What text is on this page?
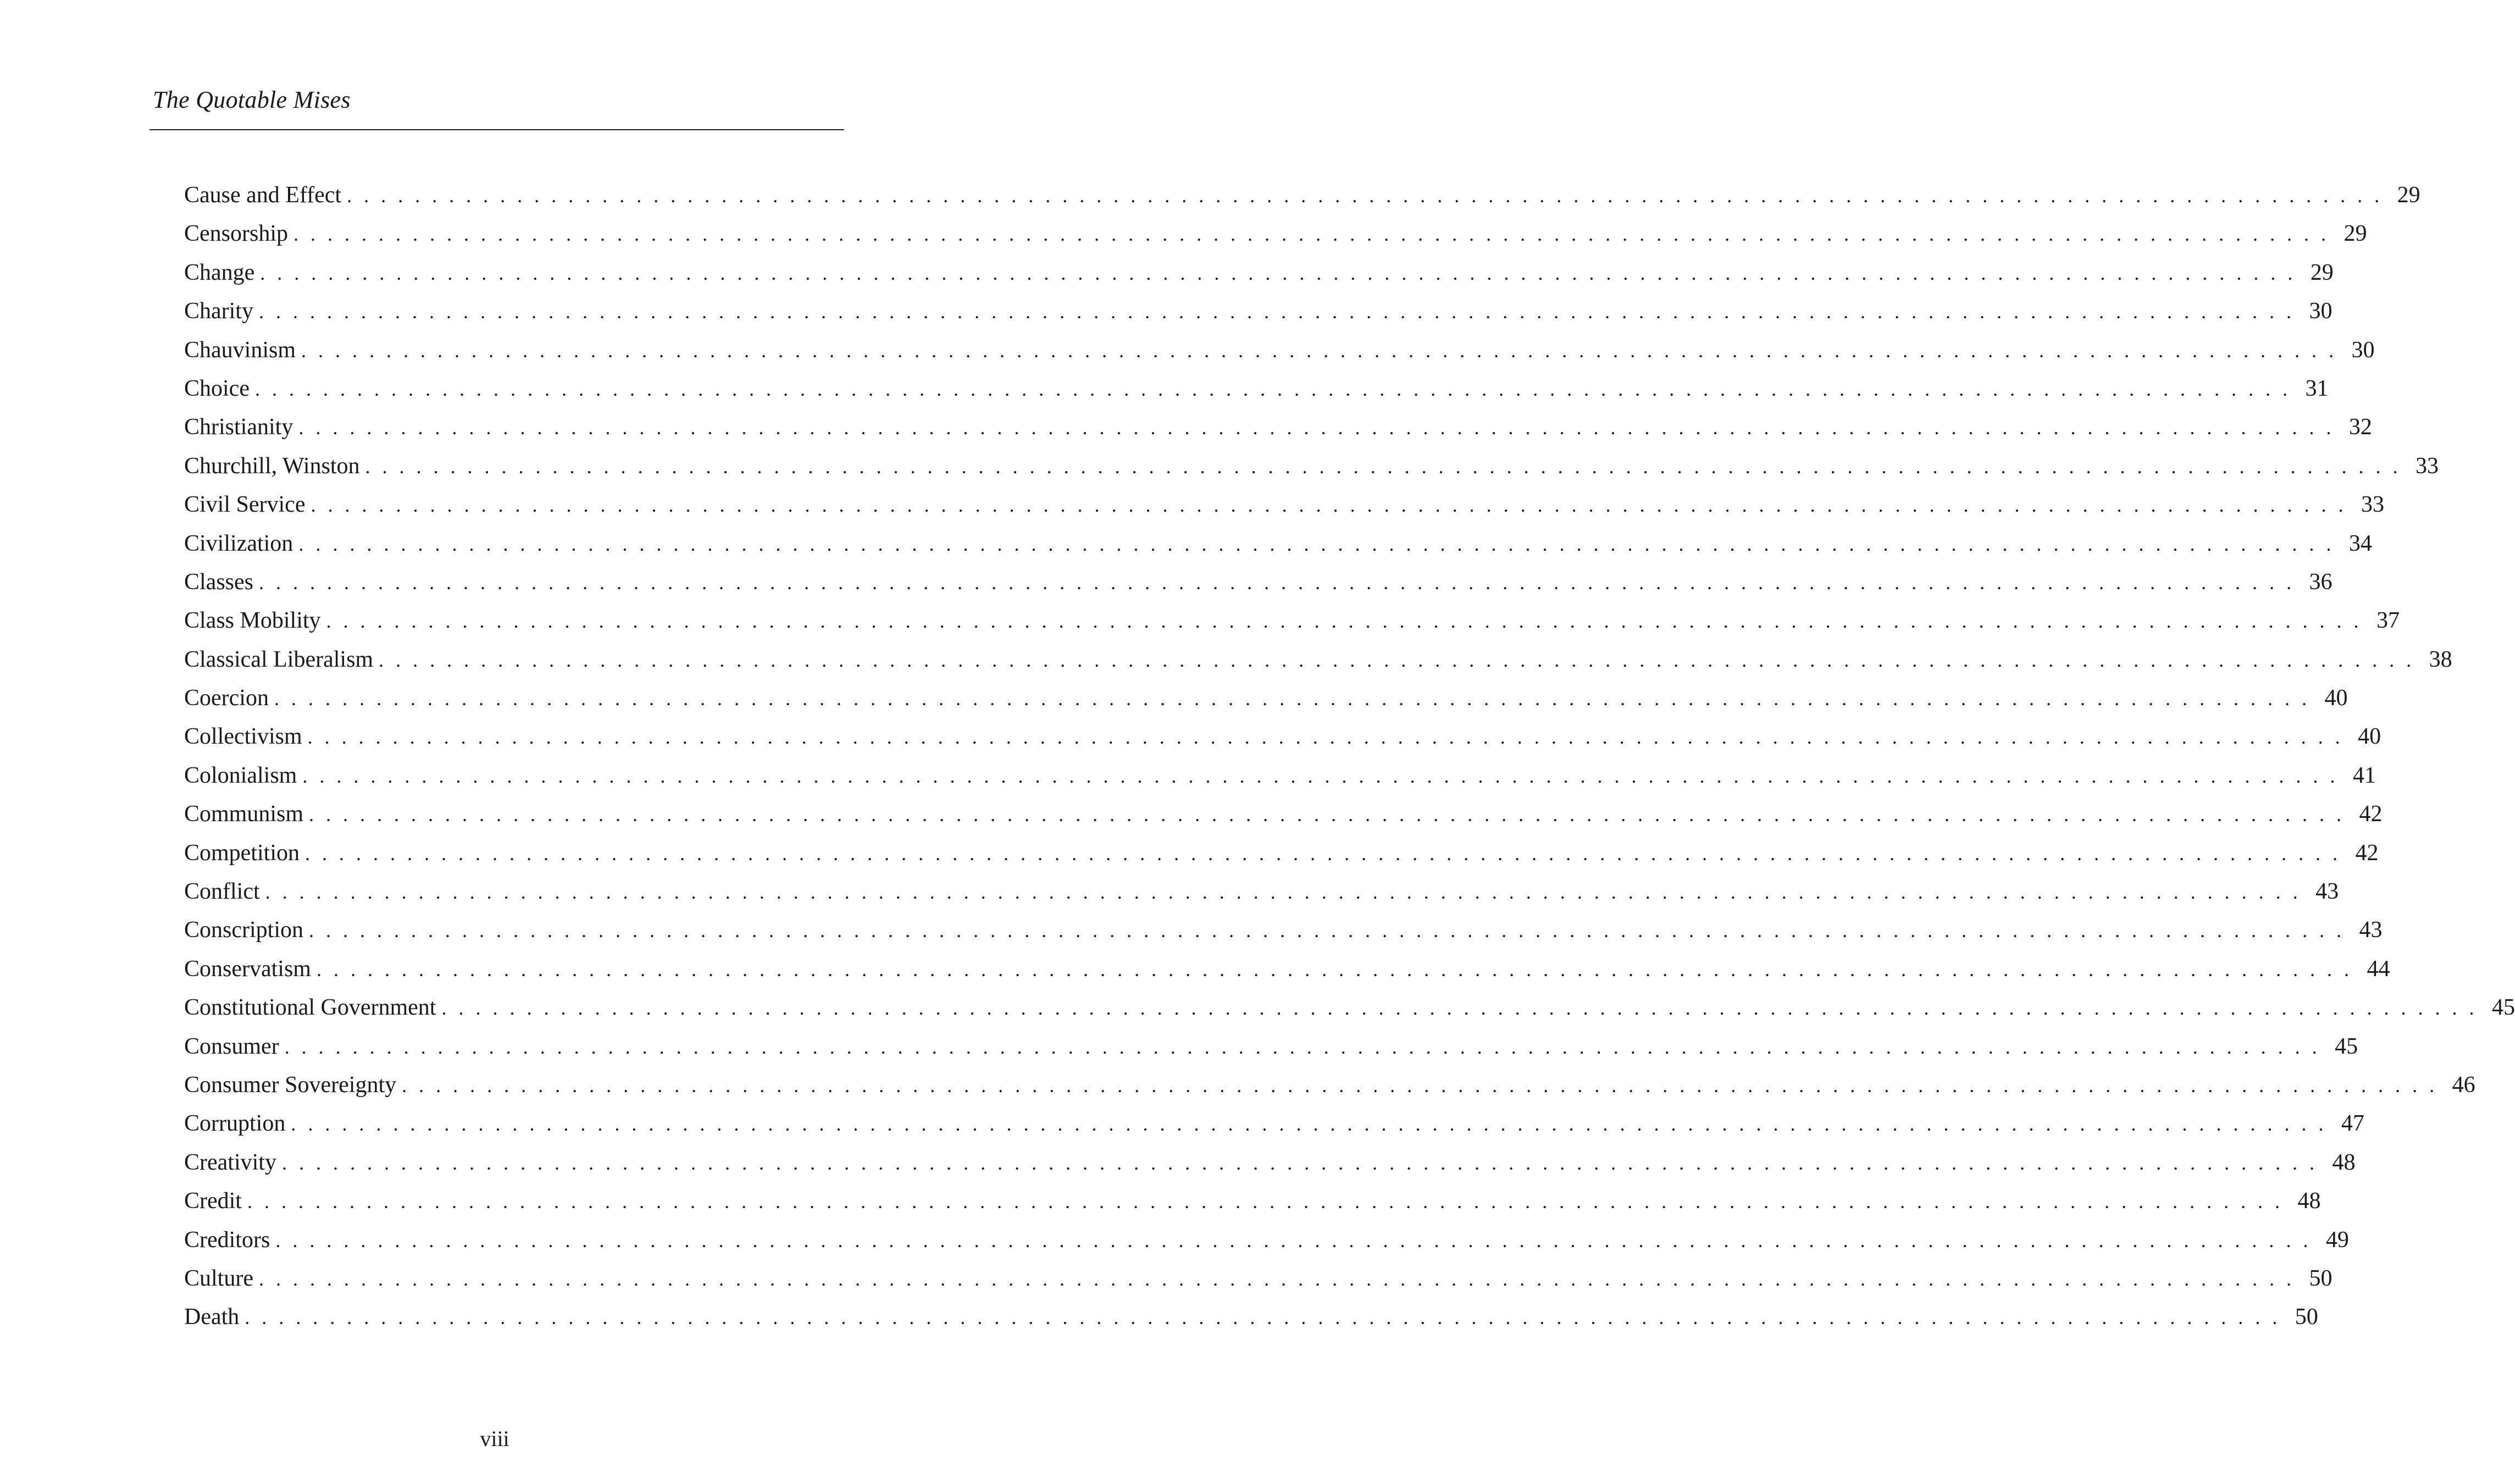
The Quotable Mises
Cause and Effect . . . . . . . . . . . . . . . . . . . . . . . . . . . . . . . . . . . . . . . . . . . . . . . . . . . . . . . . . . . . . . . . . . . . . . . . . . . . . . . . . . . . . . . . . . . . . . . . . . . . . . . . . . . . . . . . . . . . . . . . 29
Censorship . . . . . . . . . . . . . . . . . . . . . . . . . . . . . . . . . . . . . . . . . . . . . . . . . . . . . . . . . . . . . . . . . . . . . . . . . . . . . . . . . . . . . . . . . . . . . . . . . . . . . . . . . . . . . . . . . . . . . . . . 29
Change . . . . . . . . . . . . . . . . . . . . . . . . . . . . . . . . . . . . . . . . . . . . . . . . . . . . . . . . . . . . . . . . . . . . . . . . . . . . . . . . . . . . . . . . . . . . . . . . . . . . . . . . . . . . . . . . . . . . . . . . 29
Charity . . . . . . . . . . . . . . . . . . . . . . . . . . . . . . . . . . . . . . . . . . . . . . . . . . . . . . . . . . . . . . . . . . . . . . . . . . . . . . . . . . . . . . . . . . . . . . . . . . . . . . . . . . . . . . . . . . . . . . . . 30
Chauvinism . . . . . . . . . . . . . . . . . . . . . . . . . . . . . . . . . . . . . . . . . . . . . . . . . . . . . . . . . . . . . . . . . . . . . . . . . . . . . . . . . . . . . . . . . . . . . . . . . . . . . . . . . . . . . . . . . . . . . . . . 30
Choice . . . . . . . . . . . . . . . . . . . . . . . . . . . . . . . . . . . . . . . . . . . . . . . . . . . . . . . . . . . . . . . . . . . . . . . . . . . . . . . . . . . . . . . . . . . . . . . . . . . . . . . . . . . . . . . . . . . . . . . . 31
Christianity . . . . . . . . . . . . . . . . . . . . . . . . . . . . . . . . . . . . . . . . . . . . . . . . . . . . . . . . . . . . . . . . . . . . . . . . . . . . . . . . . . . . . . . . . . . . . . . . . . . . . . . . . . . . . . . . . . . . . . . . 32
Churchill, Winston . . . . . . . . . . . . . . . . . . . . . . . . . . . . . . . . . . . . . . . . . . . . . . . . . . . . . . . . . . . . . . . . . . . . . . . . . . . . . . . . . . . . . . . . . . . . . . . . . . . . . . . . . . . . . . . . . . . . . . . . 33
Civil Service . . . . . . . . . . . . . . . . . . . . . . . . . . . . . . . . . . . . . . . . . . . . . . . . . . . . . . . . . . . . . . . . . . . . . . . . . . . . . . . . . . . . . . . . . . . . . . . . . . . . . . . . . . . . . . . . . . . . . . . . 33
Civilization . . . . . . . . . . . . . . . . . . . . . . . . . . . . . . . . . . . . . . . . . . . . . . . . . . . . . . . . . . . . . . . . . . . . . . . . . . . . . . . . . . . . . . . . . . . . . . . . . . . . . . . . . . . . . . . . . . . . . . . . 34
Classes . . . . . . . . . . . . . . . . . . . . . . . . . . . . . . . . . . . . . . . . . . . . . . . . . . . . . . . . . . . . . . . . . . . . . . . . . . . . . . . . . . . . . . . . . . . . . . . . . . . . . . . . . . . . . . . . . . . . . . . . 36
Class Mobility . . . . . . . . . . . . . . . . . . . . . . . . . . . . . . . . . . . . . . . . . . . . . . . . . . . . . . . . . . . . . . . . . . . . . . . . . . . . . . . . . . . . . . . . . . . . . . . . . . . . . . . . . . . . . . . . . . . . . . . . 37
Classical Liberalism . . . . . . . . . . . . . . . . . . . . . . . . . . . . . . . . . . . . . . . . . . . . . . . . . . . . . . . . . . . . . . . . . . . . . . . . . . . . . . . . . . . . . . . . . . . . . . . . . . . . . . . . . . . . . . . . . . . . . . . . 38
Coercion . . . . . . . . . . . . . . . . . . . . . . . . . . . . . . . . . . . . . . . . . . . . . . . . . . . . . . . . . . . . . . . . . . . . . . . . . . . . . . . . . . . . . . . . . . . . . . . . . . . . . . . . . . . . . . . . . . . . . . . . 40
Collectivism . . . . . . . . . . . . . . . . . . . . . . . . . . . . . . . . . . . . . . . . . . . . . . . . . . . . . . . . . . . . . . . . . . . . . . . . . . . . . . . . . . . . . . . . . . . . . . . . . . . . . . . . . . . . . . . . . . . . . . . . 40
Colonialism . . . . . . . . . . . . . . . . . . . . . . . . . . . . . . . . . . . . . . . . . . . . . . . . . . . . . . . . . . . . . . . . . . . . . . . . . . . . . . . . . . . . . . . . . . . . . . . . . . . . . . . . . . . . . . . . . . . . . . . . 41
Communism . . . . . . . . . . . . . . . . . . . . . . . . . . . . . . . . . . . . . . . . . . . . . . . . . . . . . . . . . . . . . . . . . . . . . . . . . . . . . . . . . . . . . . . . . . . . . . . . . . . . . . . . . . . . . . . . . . . . . . . . 42
Competition . . . . . . . . . . . . . . . . . . . . . . . . . . . . . . . . . . . . . . . . . . . . . . . . . . . . . . . . . . . . . . . . . . . . . . . . . . . . . . . . . . . . . . . . . . . . . . . . . . . . . . . . . . . . . . . . . . . . . . . . 42
Conflict . . . . . . . . . . . . . . . . . . . . . . . . . . . . . . . . . . . . . . . . . . . . . . . . . . . . . . . . . . . . . . . . . . . . . . . . . . . . . . . . . . . . . . . . . . . . . . . . . . . . . . . . . . . . . . . . . . . . . . . . 43
Conscription . . . . . . . . . . . . . . . . . . . . . . . . . . . . . . . . . . . . . . . . . . . . . . . . . . . . . . . . . . . . . . . . . . . . . . . . . . . . . . . . . . . . . . . . . . . . . . . . . . . . . . . . . . . . . . . . . . . . . . . . 43
Conservatism . . . . . . . . . . . . . . . . . . . . . . . . . . . . . . . . . . . . . . . . . . . . . . . . . . . . . . . . . . . . . . . . . . . . . . . . . . . . . . . . . . . . . . . . . . . . . . . . . . . . . . . . . . . . . . . . . . . . . . . . 44
Constitutional Government . . . . . . . . . . . . . . . . . . . . . . . . . . . . . . . . . . . . . . . . . . . . . . . . . . . . . . . . . . . . . . . . . . . . . . . . . . . . . . . . . . . . . . . . . . . . . . . . . . . . . . . . . . . . . . . . . . . . . . . . 45
Consumer . . . . . . . . . . . . . . . . . . . . . . . . . . . . . . . . . . . . . . . . . . . . . . . . . . . . . . . . . . . . . . . . . . . . . . . . . . . . . . . . . . . . . . . . . . . . . . . . . . . . . . . . . . . . . . . . . . . . . . . . 45
Consumer Sovereignty . . . . . . . . . . . . . . . . . . . . . . . . . . . . . . . . . . . . . . . . . . . . . . . . . . . . . . . . . . . . . . . . . . . . . . . . . . . . . . . . . . . . . . . . . . . . . . . . . . . . . . . . . . . . . . . . . . . . . . . . 46
Corruption . . . . . . . . . . . . . . . . . . . . . . . . . . . . . . . . . . . . . . . . . . . . . . . . . . . . . . . . . . . . . . . . . . . . . . . . . . . . . . . . . . . . . . . . . . . . . . . . . . . . . . . . . . . . . . . . . . . . . . . . 47
Creativity . . . . . . . . . . . . . . . . . . . . . . . . . . . . . . . . . . . . . . . . . . . . . . . . . . . . . . . . . . . . . . . . . . . . . . . . . . . . . . . . . . . . . . . . . . . . . . . . . . . . . . . . . . . . . . . . . . . . . . . . 48
Credit . . . . . . . . . . . . . . . . . . . . . . . . . . . . . . . . . . . . . . . . . . . . . . . . . . . . . . . . . . . . . . . . . . . . . . . . . . . . . . . . . . . . . . . . . . . . . . . . . . . . . . . . . . . . . . . . . . . . . . . . 48
Creditors . . . . . . . . . . . . . . . . . . . . . . . . . . . . . . . . . . . . . . . . . . . . . . . . . . . . . . . . . . . . . . . . . . . . . . . . . . . . . . . . . . . . . . . . . . . . . . . . . . . . . . . . . . . . . . . . . . . . . . . . 49
Culture . . . . . . . . . . . . . . . . . . . . . . . . . . . . . . . . . . . . . . . . . . . . . . . . . . . . . . . . . . . . . . . . . . . . . . . . . . . . . . . . . . . . . . . . . . . . . . . . . . . . . . . . . . . . . . . . . . . . . . . . 50
Death . . . . . . . . . . . . . . . . . . . . . . . . . . . . . . . . . . . . . . . . . . . . . . . . . . . . . . . . . . . . . . . . . . . . . . . . . . . . . . . . . . . . . . . . . . . . . . . . . . . . . . . . . . . . . . . . . . . . . . . . 50
viii
